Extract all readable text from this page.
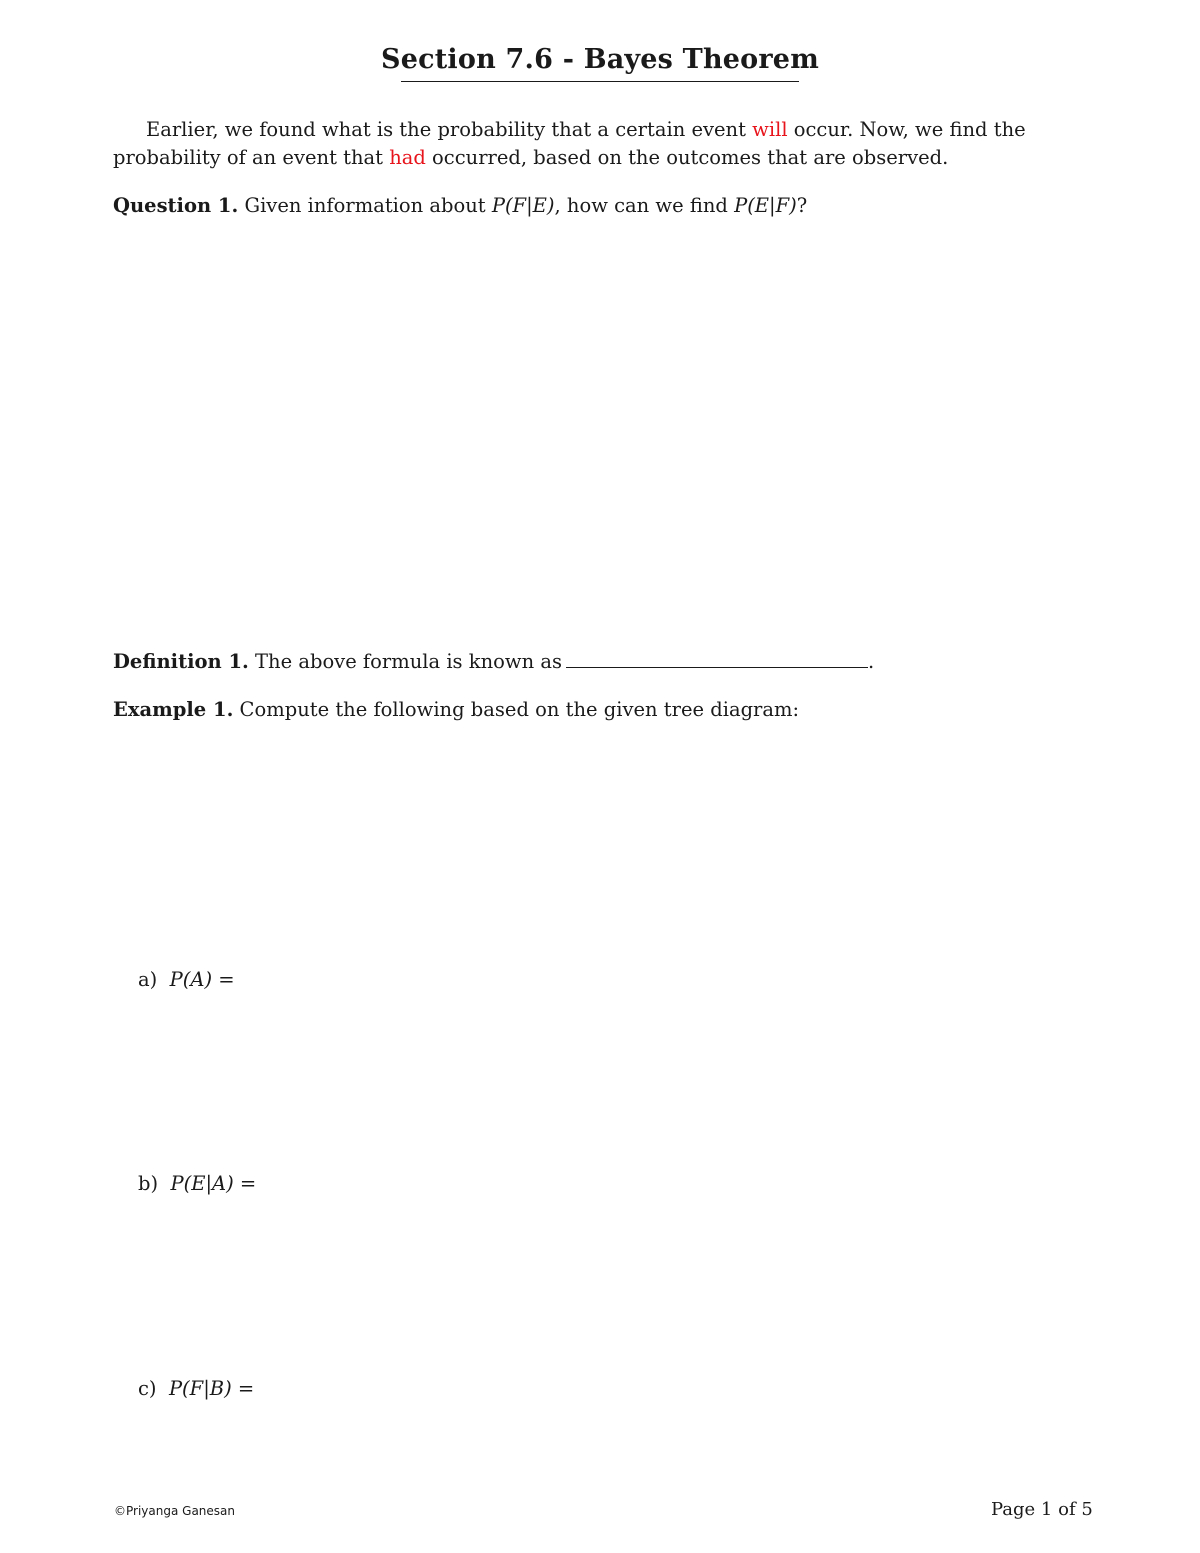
Section 7.6 - Bayes Theorem
Earlier, we found what is the probability that a certain event will occur. Now, we find the
probability of an event that had occurred, based on the outcomes that are observed.
Question 1. Given information about P(F|E), how can we find P(E|F)?
Definition 1. The above formula is known as	.
Example 1. Compute the following based on the given tree diagram:
a) P(A) =
b) P(E|A) =
c) P(F|B) =
©Priyanga Ganesan	Page 1 of 5
